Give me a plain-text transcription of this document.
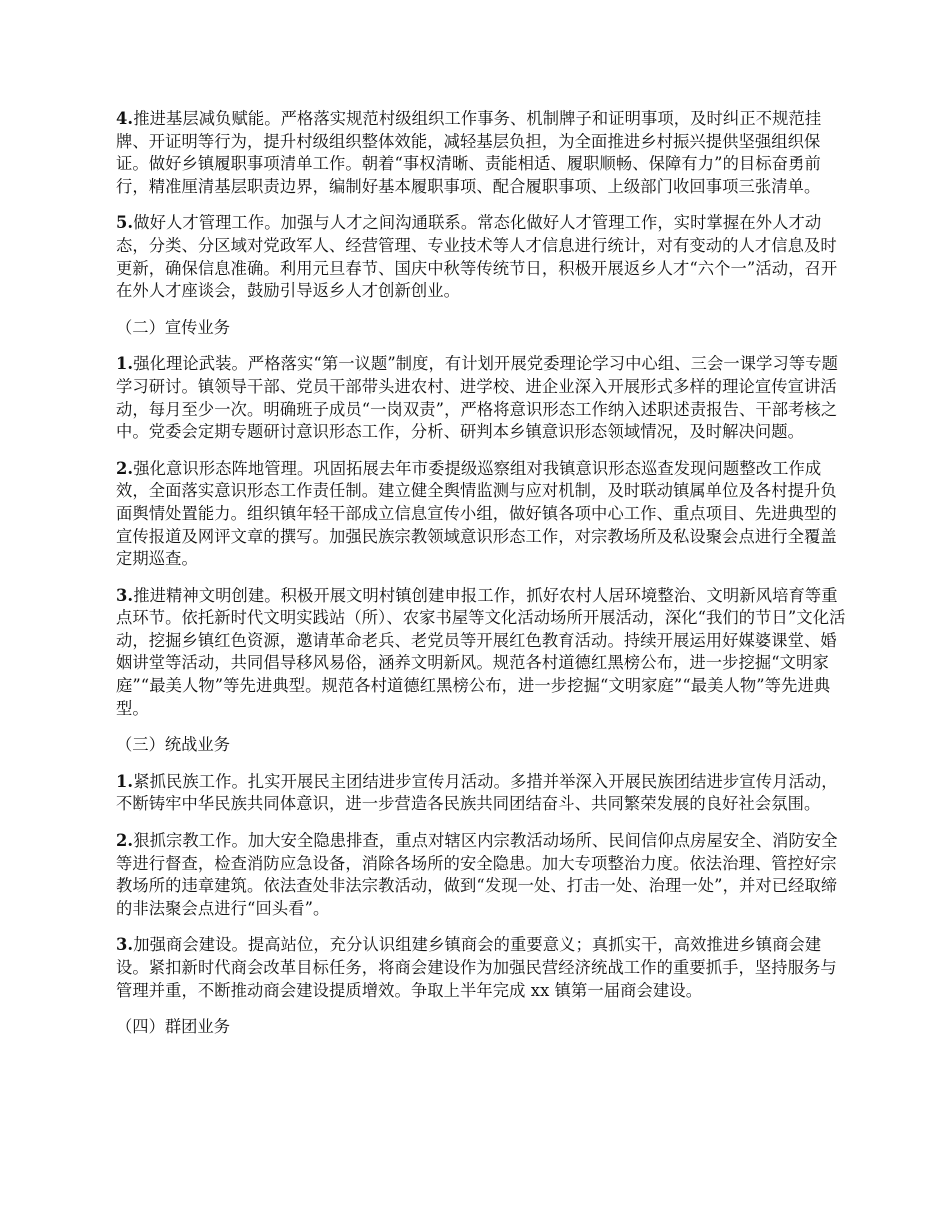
4.推进基层减负赋能。严格落实规范村级组织工作事务、机制牌子和证明事项，及时纠正不规范挂牌、开证明等行为，提升村级组织整体效能，减轻基层负担，为全面推进乡村振兴提供坚强组织保证。做好乡镇履职事项清单工作。朝着“事权清晰、责能相适、履职顺畅、保障有力”的目标奋勇前行，精准厘清基层职责边界，编制好基本履职事项、配合履职事项、上级部门收回事项三张清单。

5.做好人才管理工作。加强与人才之间沟通联系。常态化做好人才管理工作，实时掌握在外人才动态，分类、分区域对党政军人、经营管理、专业技术等人才信息进行统计，对有变动的人才信息及时更新，确保信息准确。利用元旦春节、国庆中秋等传统节日，积极开展返乡人才“六个一”活动，召开在外人才座谈会，鼓励引导返乡人才创新创业。

（二）宣传业务

1.强化理论武装。严格落实“第一议题”制度，有计划开展党委理论学习中心组、三会一课学习等专题学习研讨。镇领导干部、党员干部带头进农村、进学校、进企业深入开展形式多样的理论宣传宣讲活动，每月至少一次。明确班子成员“一岗双责”，严格将意识形态工作纳入述职述责报告、干部考核之中。党委会定期专题研讨意识形态工作，分析、研判本乡镇意识形态领域情况，及时解决问题。

2.强化意识形态阵地管理。巩固拓展去年市委提级巡察组对我镇意识形态巡查发现问题整改工作成效，全面落实意识形态工作责任制。建立健全舆情监测与应对机制，及时联动镇属单位及各村提升负面舆情处置能力。组织镇年轻干部成立信息宣传小组，做好镇各项中心工作、重点项目、先进典型的宣传报道及网评文章的撰写。加强民族宗教领域意识形态工作，对宗教场所及私设聚会点进行全覆盖定期巡查。

3.推进精神文明创建。积极开展文明村镇创建申报工作，抓好农村人居环境整治、文明新风培育等重点环节。依托新时代文明实践站（所）、农家书屋等文化活动场所开展活动，深化“我们的节日”文化活动，挖掘乡镇红色资源，邀请革命老兵、老党员等开展红色教育活动。持续开展运用好媒婆课堂、婚姻讲堂等活动，共同倡导移风易俗，涵养文明新风。规范各村道德红黑榜公布，进一步挖掘“文明家庭”“最美人物”等先进典型。规范各村道德红黑榜公布，进一步挖掘“文明家庭”“最美人物”等先进典型。

（三）统战业务

1.紧抓民族工作。扎实开展民主团结进步宣传月活动。多措并举深入开展民族团结进步宣传月活动，不断铸牢中华民族共同体意识，进一步营造各民族共同团结奋斗、共同繁荣发展的良好社会氛围。

2.狠抓宗教工作。加大安全隐患排查，重点对辖区内宗教活动场所、民间信仰点房屋安全、消防安全等进行督查，检查消防应急设备，消除各场所的安全隐患。加大专项整治力度。依法治理、管控好宗教场所的违章建筑。依法查处非法宗教活动，做到“发现一处、打击一处、治理一处”，并对已经取缔的非法聚会点进行“回头看”。

3.加强商会建设。提高站位，充分认识组建乡镇商会的重要意义；真抓实干，高效推进乡镇商会建设。紧扣新时代商会改革目标任务，将商会建设作为加强民营经济统战工作的重要抓手，坚持服务与管理并重，不断推动商会建设提质增效。争取上半年完成 xx 镇第一届商会建设。

（四）群团业务
